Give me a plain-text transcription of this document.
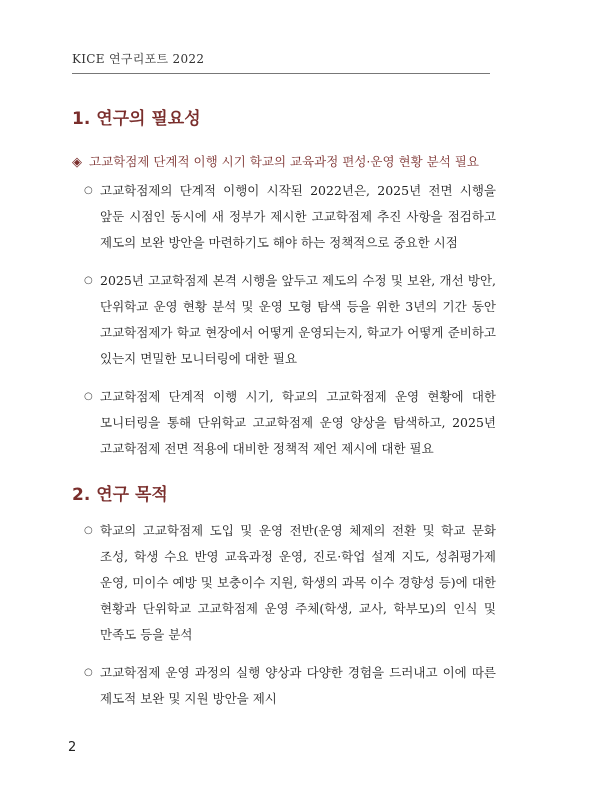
KICE 연구리포트 2022
1. 연구의 필요성
◈ 고교학점제 단계적 이행 시기 학교의 교육과정 편성·운영 현황 분석 필요
○ 고교학점제의 단계적 이행이 시작된 2022년은, 2025년 전면 시행을 앞둔 시점인 동시에 새 정부가 제시한 고교학점제 추진 사항을 점검하고 제도의 보완 방안을 마련하기도 해야 하는 정책적으로 중요한 시점
○ 2025년 고교학점제 본격 시행을 앞두고 제도의 수정 및 보완, 개선 방안, 단위학교 운영 현황 분석 및 운영 모형 탐색 등을 위한 3년의 기간 동안 고교학점제가 학교 현장에서 어떻게 운영되는지, 학교가 어떻게 준비하고 있는지 면밀한 모니터링에 대한 필요
○ 고교학점제 단계적 이행 시기, 학교의 고교학점제 운영 현황에 대한 모니터링을 통해 단위학교 고교학점제 운영 양상을 탐색하고, 2025년 고교학점제 전면 적용에 대비한 정책적 제언 제시에 대한 필요
2. 연구 목적
○ 학교의 고교학점제 도입 및 운영 전반(운영 체제의 전환 및 학교 문화 조성, 학생 수요 반영 교육과정 운영, 진로·학업 설계 지도, 성취평가제 운영, 미이수 예방 및 보충이수 지원, 학생의 과목 이수 경향성 등)에 대한 현황과 단위학교 고교학점제 운영 주체(학생, 교사, 학부모)의 인식 및 만족도 등을 분석
○ 고교학점제 운영 과정의 실행 양상과 다양한 경험을 드러내고 이에 따른 제도적 보완 및 지원 방안을 제시
2
